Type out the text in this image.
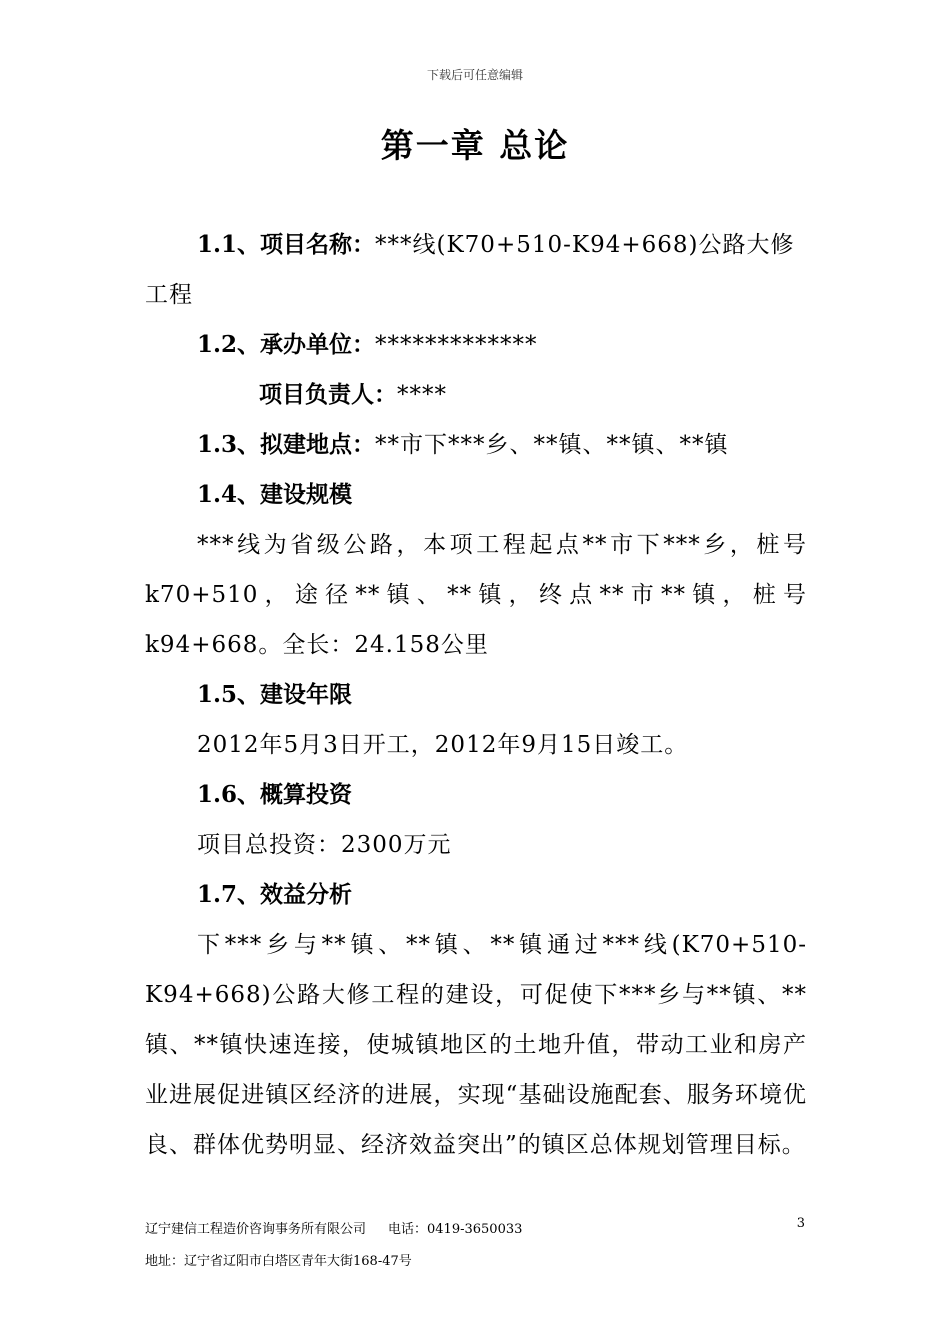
下载后可任意编辑
第一章 总论

1.1、项目名称：***线(K70+510-K94+668)公路大修工程

1.2、承办单位：*************

项目负责人：****

1.3、拟建地点：**市下***乡、**镇、**镇、**镇

1.4、建设规模

***线为省级公路，本项工程起点**市下***乡，桩号k70+510，途径**镇、**镇，终点**市**镇，桩号k94+668。全长：24.158公里

1.5、建设年限

2012年5月3日开工，2012年9月15日竣工。

1.6、概算投资

项目总投资：2300万元

1.7、效益分析

下***乡与**镇、**镇、**镇通过***线(K70+510-K94+668)公路大修工程的建设，可促使下***乡与**镇、**镇、**镇快速连接，使城镇地区的土地升值，带动工业和房产业进展促进镇区经济的进展，实现“基础设施配套、服务环境优良、群体优势明显、经济效益突出”的镇区总体规划管理目标。

辽宁建信工程造价咨询事务所有限公司 电话：0419-3650033	3
地址：辽宁省辽阳市白塔区青年大街168-47号
